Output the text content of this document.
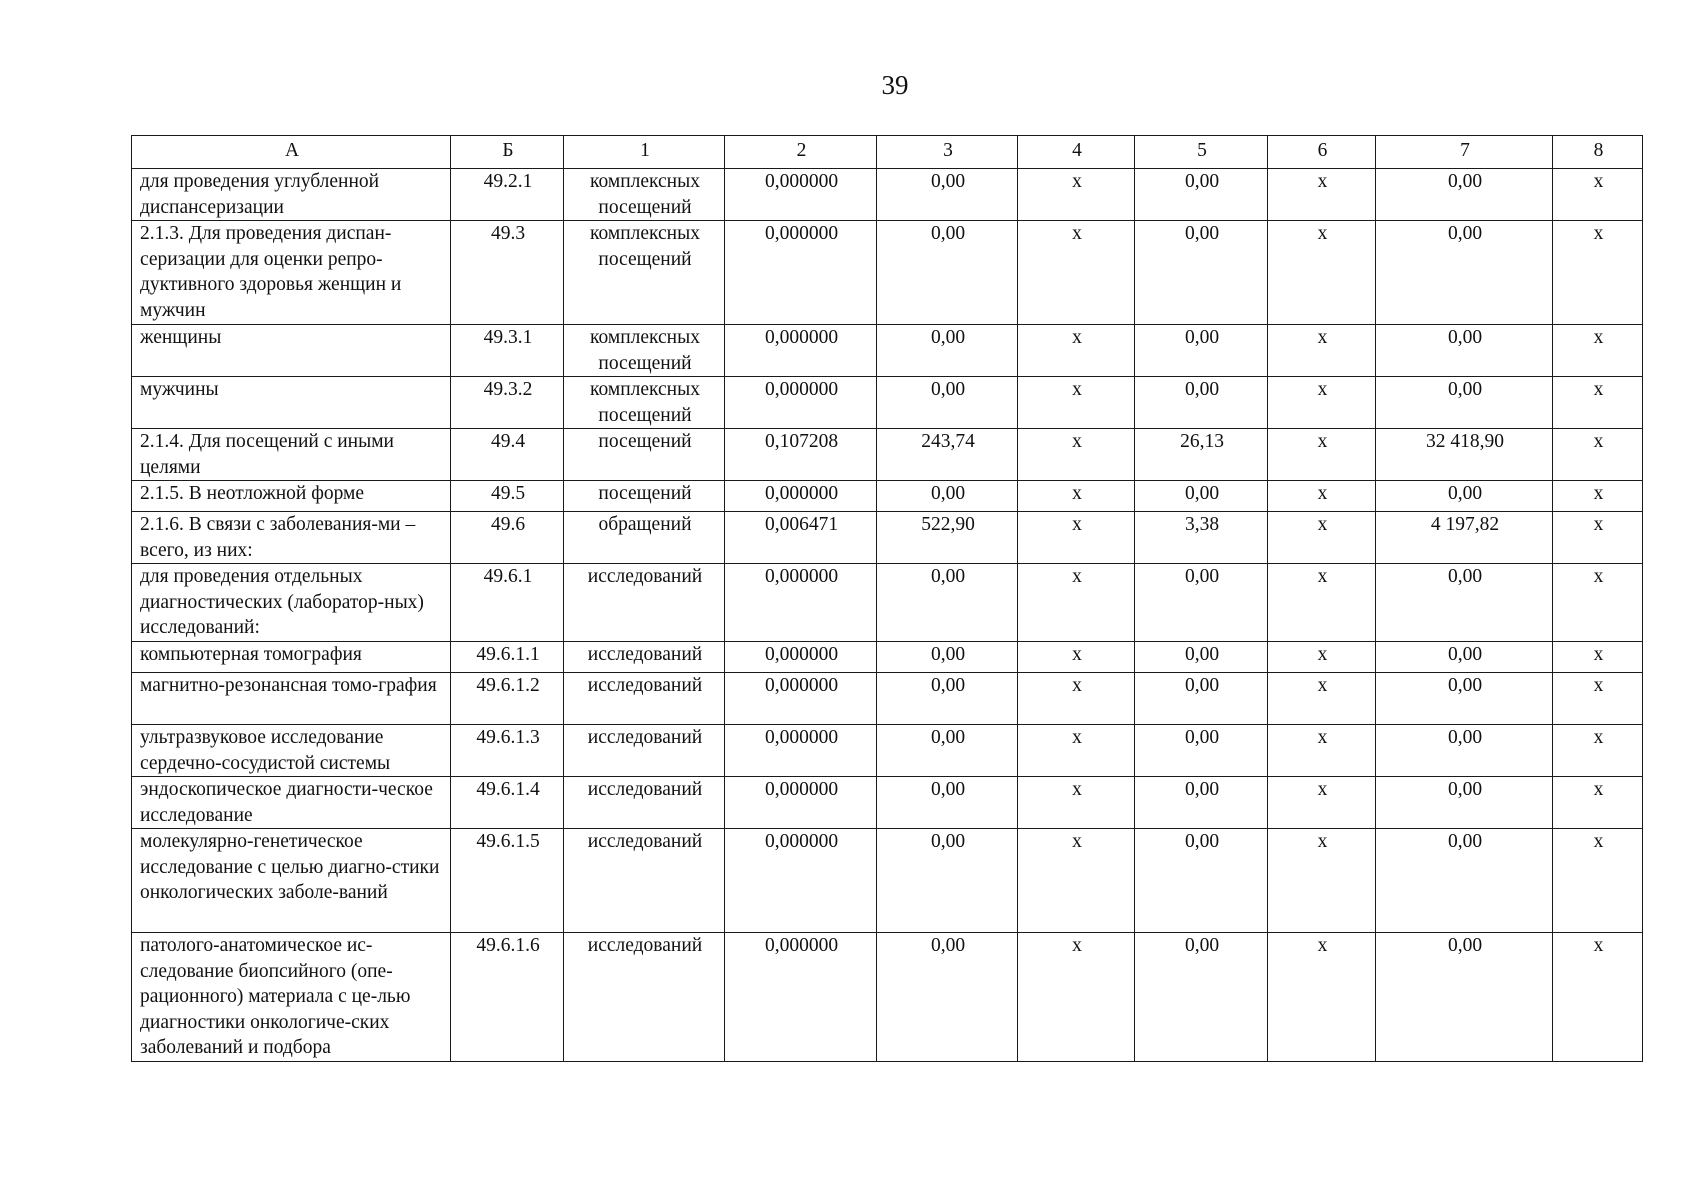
39
А	Б	1	2	3	4	5	6	7	8
для проведения углубленной диспансеризации	49.2.1	комплексных посещений	0,000000	0,00	х	0,00	х	0,00	х
2.1.3. Для проведения диспан-серизации для оценки репро-дуктивного здоровья женщин и мужчин	49.3	комплексных посещений	0,000000	0,00	х	0,00	х	0,00	х
женщины	49.3.1	комплексных посещений	0,000000	0,00	х	0,00	х	0,00	х
мужчины	49.3.2	комплексных посещений	0,000000	0,00	х	0,00	х	0,00	х
2.1.4. Для посещений с иными целями	49.4	посещений	0,107208	243,74	х	26,13	х	32 418,90	х
2.1.5. В неотложной форме	49.5	посещений	0,000000	0,00	х	0,00	х	0,00	х
2.1.6. В связи с заболевания-ми – всего, из них:	49.6	обращений	0,006471	522,90	х	3,38	х	4 197,82	х
для проведения отдельных диагностических (лаборатор-ных) исследований:	49.6.1	исследований	0,000000	0,00	х	0,00	х	0,00	х
компьютерная томография	49.6.1.1	исследований	0,000000	0,00	х	0,00	х	0,00	х
магнитно-резонансная томо-графия	49.6.1.2	исследований	0,000000	0,00	х	0,00	х	0,00	х
ультразвуковое исследование сердечно-сосудистой системы	49.6.1.3	исследований	0,000000	0,00	х	0,00	х	0,00	х
эндоскопическое диагности-ческое исследование	49.6.1.4	исследований	0,000000	0,00	х	0,00	х	0,00	х
молекулярно-генетическое исследование с целью диагно-стики онкологических заболе-ваний	49.6.1.5	исследований	0,000000	0,00	х	0,00	х	0,00	х
патолого-анатомическое ис-следование биопсийного (опе-рационного) материала с це-лью диагностики онкологиче-ских заболеваний и подбора	49.6.1.6	исследований	0,000000	0,00	х	0,00	х	0,00	х
